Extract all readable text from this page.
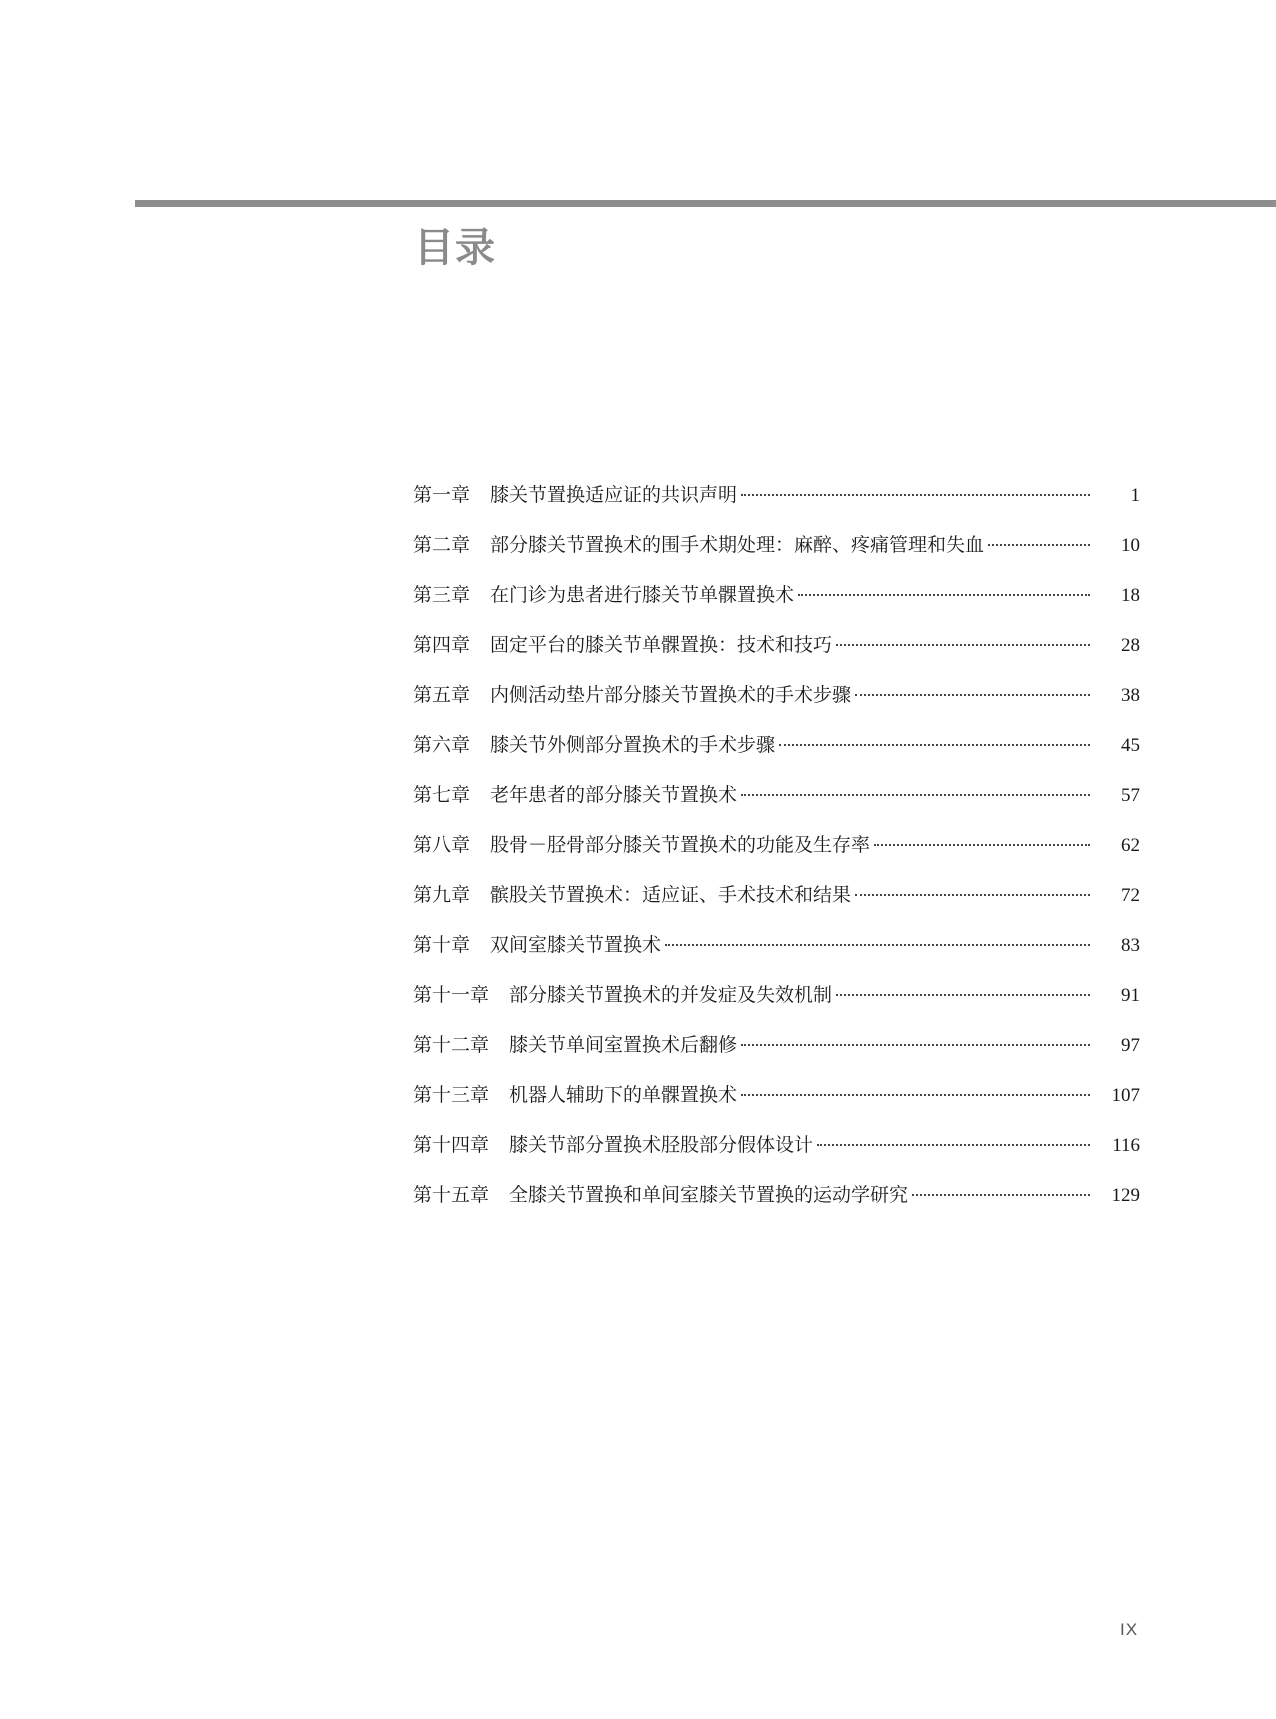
目录
第一章 膝关节置换适应证的共识声明	1
第二章 部分膝关节置换术的围手术期处理：麻醉、疼痛管理和失血	10
第三章 在门诊为患者进行膝关节单髁置换术	18
第四章 固定平台的膝关节单髁置换：技术和技巧	28
第五章 内侧活动垫片部分膝关节置换术的手术步骤	38
第六章 膝关节外侧部分置换术的手术步骤	45
第七章 老年患者的部分膝关节置换术	57
第八章 股骨－胫骨部分膝关节置换术的功能及生存率	62
第九章 髌股关节置换术：适应证、手术技术和结果	72
第十章 双间室膝关节置换术	83
第十一章 部分膝关节置换术的并发症及失效机制	91
第十二章 膝关节单间室置换术后翻修	97
第十三章 机器人辅助下的单髁置换术	107
第十四章 膝关节部分置换术胫股部分假体设计	116
第十五章 全膝关节置换和单间室膝关节置换的运动学研究	129
IX
